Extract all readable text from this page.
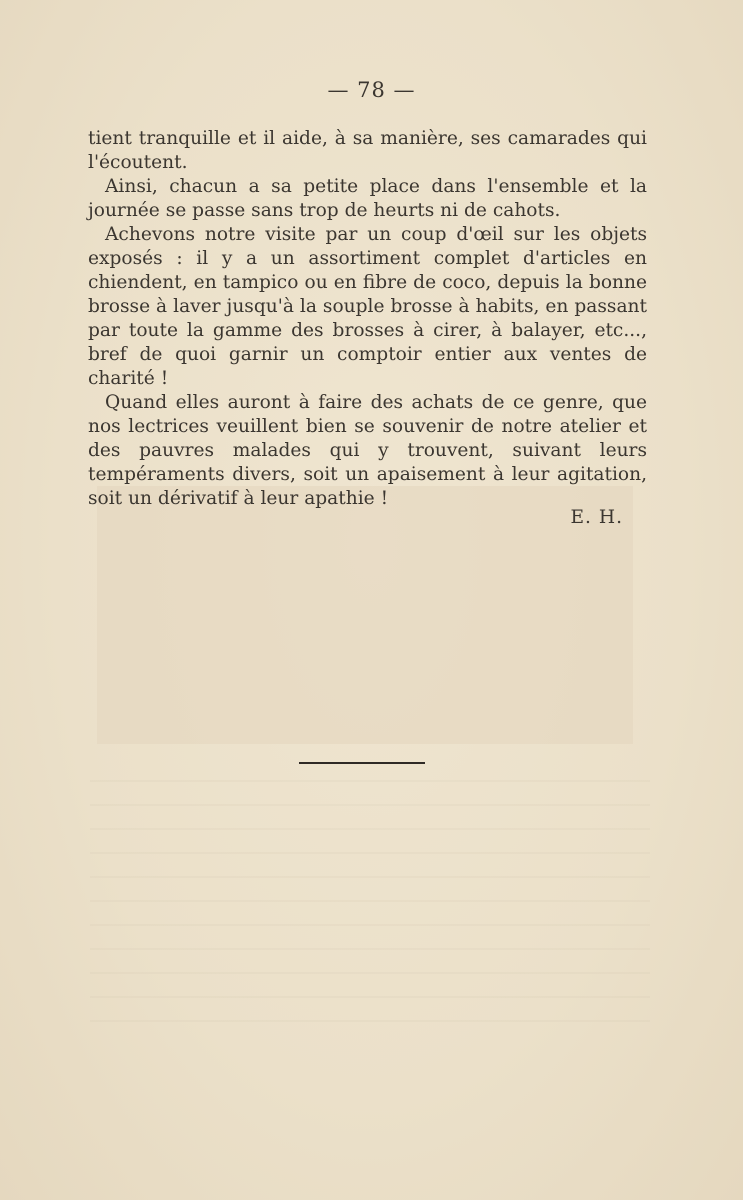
— 78 —

tient tranquille et il aide, à sa manière, ses camarades qui l'écoutent.

Ainsi, chacun a sa petite place dans l'ensemble et la journée se passe sans trop de heurts ni de cahots.

Achevons notre visite par un coup d'œil sur les objets exposés : il y a un assortiment complet d'articles en chiendent, en tampico ou en fibre de coco, depuis la bonne brosse à laver jusqu'à la souple brosse à habits, en passant par toute la gamme des brosses à cirer, à balayer, etc..., bref de quoi garnir un comptoir entier aux ventes de charité !

Quand elles auront à faire des achats de ce genre, que nos lectrices veuillent bien se souvenir de notre atelier et des pauvres malades qui y trouvent, suivant leurs tempéraments divers, soit un apaisement à leur agitation, soit un dérivatif à leur apathie !

E. H.
